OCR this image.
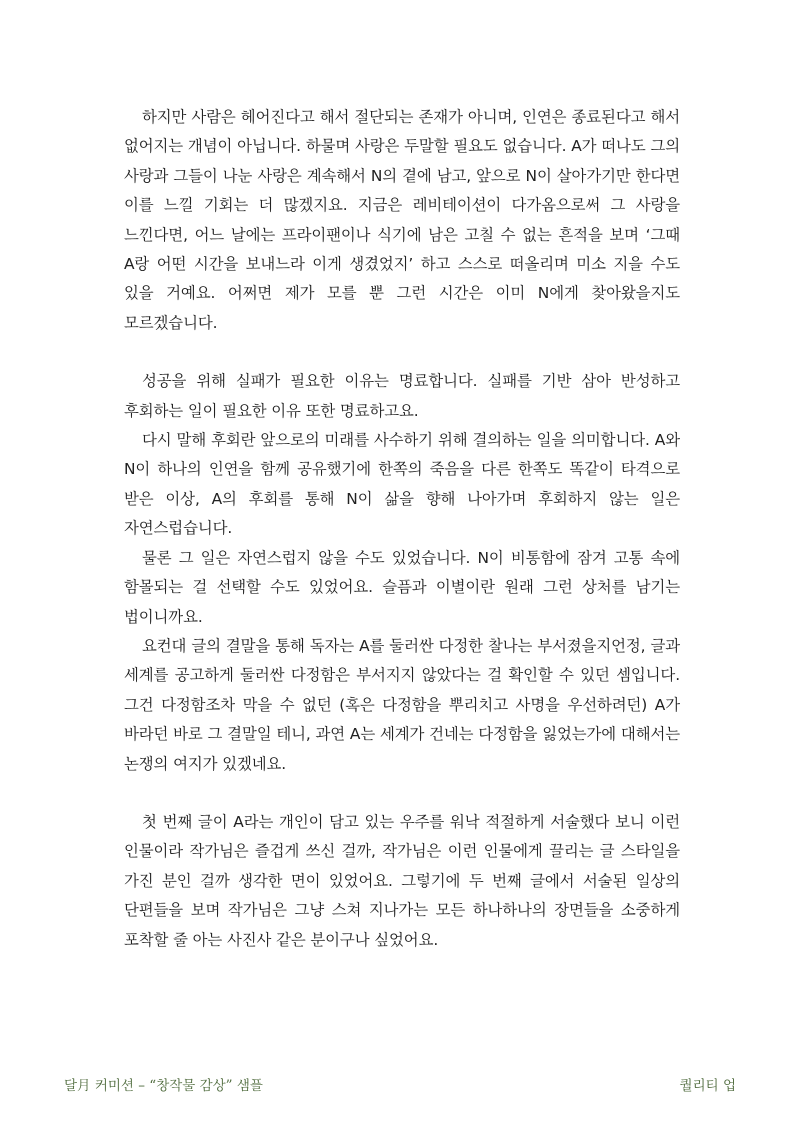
하지만 사람은 헤어진다고 해서 절단되는 존재가 아니며, 인연은 종료된다고 해서 없어지는 개념이 아닙니다. 하물며 사랑은 두말할 필요도 없습니다. A가 떠나도 그의 사랑과 그들이 나눈 사랑은 계속해서 N의 곁에 남고, 앞으로 N이 살아가기만 한다면 이를 느낄 기회는 더 많겠지요. 지금은 레비테이션이 다가옴으로써 그 사랑을 느낀다면, 어느 날에는 프라이팬이나 식기에 남은 고칠 수 없는 흔적을 보며 ‘그때 A랑 어떤 시간을 보내느라 이게 생겼었지’ 하고 스스로 떠올리며 미소 지을 수도 있을 거예요. 어쩌면 제가 모를 뿐 그런 시간은 이미 N에게 찾아왔을지도 모르겠습니다.

성공을 위해 실패가 필요한 이유는 명료합니다. 실패를 기반 삼아 반성하고 후회하는 일이 필요한 이유 또한 명료하고요.

다시 말해 후회란 앞으로의 미래를 사수하기 위해 결의하는 일을 의미합니다. A와 N이 하나의 인연을 함께 공유했기에 한쪽의 죽음을 다른 한쪽도 똑같이 타격으로 받은 이상, A의 후회를 통해 N이 삶을 향해 나아가며 후회하지 않는 일은 자연스럽습니다.

물론 그 일은 자연스럽지 않을 수도 있었습니다. N이 비통함에 잠겨 고통 속에 함몰되는 걸 선택할 수도 있었어요. 슬픔과 이별이란 원래 그런 상처를 남기는 법이니까요.

요컨대 글의 결말을 통해 독자는 A를 둘러싼 다정한 찰나는 부서졌을지언정, 글과 세계를 공고하게 둘러싼 다정함은 부서지지 않았다는 걸 확인할 수 있던 셈입니다. 그건 다정함조차 막을 수 없던 (혹은 다정함을 뿌리치고 사명을 우선하려던) A가 바라던 바로 그 결말일 테니, 과연 A는 세계가 건네는 다정함을 잃었는가에 대해서는 논쟁의 여지가 있겠네요.

첫 번째 글이 A라는 개인이 담고 있는 우주를 워낙 적절하게 서술했다 보니 이런 인물이라 작가님은 즐겁게 쓰신 걸까, 작가님은 이런 인물에게 끌리는 글 스타일을 가진 분인 걸까 생각한 면이 있었어요. 그렇기에 두 번째 글에서 서술된 일상의 단편들을 보며 작가님은 그냥 스쳐 지나가는 모든 하나하나의 장면들을 소중하게 포착할 줄 아는 사진사 같은 분이구나 싶었어요.

달月 커미션 – “창작물 감상” 샘플	퀄리티 업
